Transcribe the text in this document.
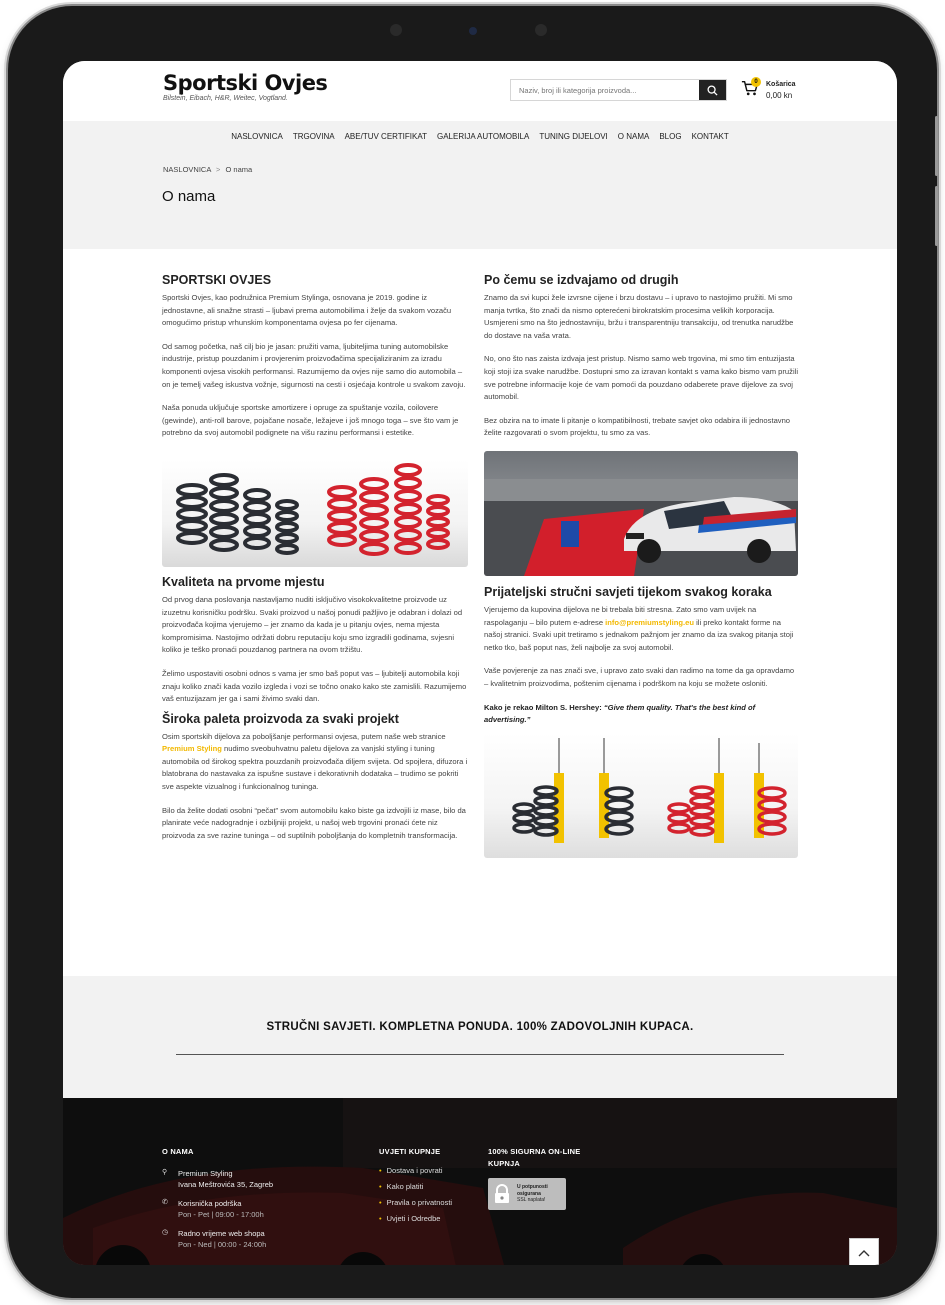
Sportski Ovjes
Bilstein, Eibach, H&R, Weitec, Vogtland.
Naziv, broj ili kategorija proizvoda...
0	Košarica
0,00 kn
NASLOVNICA	TRGOVINA	ABE/TUV CERTIFIKAT	GALERIJA AUTOMOBILA	TUNING DIJELOVI	O NAMA	BLOG	KONTAKT
NASLOVNICA > O nama
O nama
SPORTSKI OVJES

Sportski Ovjes, kao podružnica Premium Stylinga, osnovana je 2019. godine iz jednostavne, ali snažne strasti – ljubavi prema automobilima i želje da svakom vozaču omogućimo pristup vrhunskim komponentama ovjesa po fer cijenama.

Od samog početka, naš cilj bio je jasan: pružiti vama, ljubiteljima tuning automobilske industrije, pristup pouzdanim i provjerenim proizvođačima specijaliziranim za izradu komponenti ovjesa visokih performansi. Razumijemo da ovjes nije samo dio automobila – on je temelj vašeg iskustva vožnje, sigurnosti na cesti i osjećaja kontrole u svakom zavoju.

Naša ponuda uključuje sportske amortizere i opruge za spuštanje vozila, coilovere (gewinde), anti-roll barove, pojačane nosače, ležajeve i još mnogo toga – sve što vam je potrebno da svoj automobil podignete na višu razinu performansi i estetike.

Kvaliteta na prvome mjestu

Od prvog dana poslovanja nastavljamo nuditi isključivo visokokvalitetne proizvode uz izuzetnu korisničku podršku. Svaki proizvod u našoj ponudi pažljivo je odabran i dolazi od proizvođača kojima vjerujemo – jer znamo da kada je u pitanju ovjes, nema mjesta kompromisima. Nastojimo održati dobru reputaciju koju smo izgradili godinama, svjesni koliko je teško pronaći pouzdanog partnera na ovom tržištu.

Želimo uspostaviti osobni odnos s vama jer smo baš poput vas – ljubitelji automobila koji znaju koliko znači kada vozilo izgleda i vozi se točno onako kako ste zamislili. Razumijemo vaš entuzijazam jer ga i sami živimo svaki dan.

Široka paleta proizvoda za svaki projekt

Osim sportskih dijelova za poboljšanje performansi ovjesa, putem naše web stranice Premium Styling nudimo sveobuhvatnu paletu dijelova za vanjski styling i tuning automobila od širokog spektra pouzdanih proizvođača diljem svijeta. Od spojlera, difuzora i blatobrana do nastavaka za ispušne sustave i dekorativnih dodataka – trudimo se pokriti sve aspekte vizualnog i funkcionalnog tuninga.

Bilo da želite dodati osobni “pečat” svom automobilu kako biste ga izdvojili iz mase, bilo da planirate veće nadogradnje i ozbiljniji projekt, u našoj web trgovini pronaći ćete niz proizvoda za sve razine tuninga – od suptilnih poboljšanja do kompletnih transformacija.

Po čemu se izdvajamo od drugih

Znamo da svi kupci žele izvrsne cijene i brzu dostavu – i upravo to nastojimo pružiti. Mi smo manja tvrtka, što znači da nismo opterećeni birokratskim procesima velikih korporacija. Usmjereni smo na što jednostavniju, bržu i transparentniju transakciju, od trenutka narudžbe do dostave na vaša vrata.

No, ono što nas zaista izdvaja jest pristup. Nismo samo web trgovina, mi smo tim entuzijasta koji stoji iza svake narudžbe. Dostupni smo za izravan kontakt s vama kako bismo vam pružili sve potrebne informacije koje će vam pomoći da pouzdano odaberete prave dijelove za svoj automobil.

Bez obzira na to imate li pitanje o kompatibilnosti, trebate savjet oko odabira ili jednostavno želite razgovarati o svom projektu, tu smo za vas.

Prijateljski stručni savjeti tijekom svakog koraka

Vjerujemo da kupovina dijelova ne bi trebala biti stresna. Zato smo vam uvijek na raspolaganju – bilo putem e-adrese info@premiumstyling.eu ili preko kontakt forme na našoj stranici. Svaki upit tretiramo s jednakom pažnjom jer znamo da iza svakog pitanja stoji netko tko, baš poput nas, želi najbolje za svoj automobil.

Vaše povjerenje za nas znači sve, i upravo zato svaki dan radimo na tome da ga opravdamo – kvalitetnim proizvodima, poštenim cijenama i podrškom na koju se možete osloniti.

Kako je rekao Milton S. Hershey: “Give them quality. That's the best kind of advertising.”

STRUČNI SAVJETI. KOMPLETNA PONUDA. 100% ZADOVOLJNIH KUPACA.
O NAMA
⚲	Premium Styling
Ivana Meštrovića 35, Zagreb
✆	Korisnička podrška
Pon - Pet | 09:00 - 17:00h
◷	Radno vrijeme web shopa
Pon - Ned | 00:00 - 24:00h
UVJETI KUPNJE
• Dostava i povrati
• Kako platiti
• Pravila o privatnosti
• Uvjeti i Odredbe
100% SIGURNA ON-LINE
KUPNJA
U potpunosti
osigurana
SSL naplata!
